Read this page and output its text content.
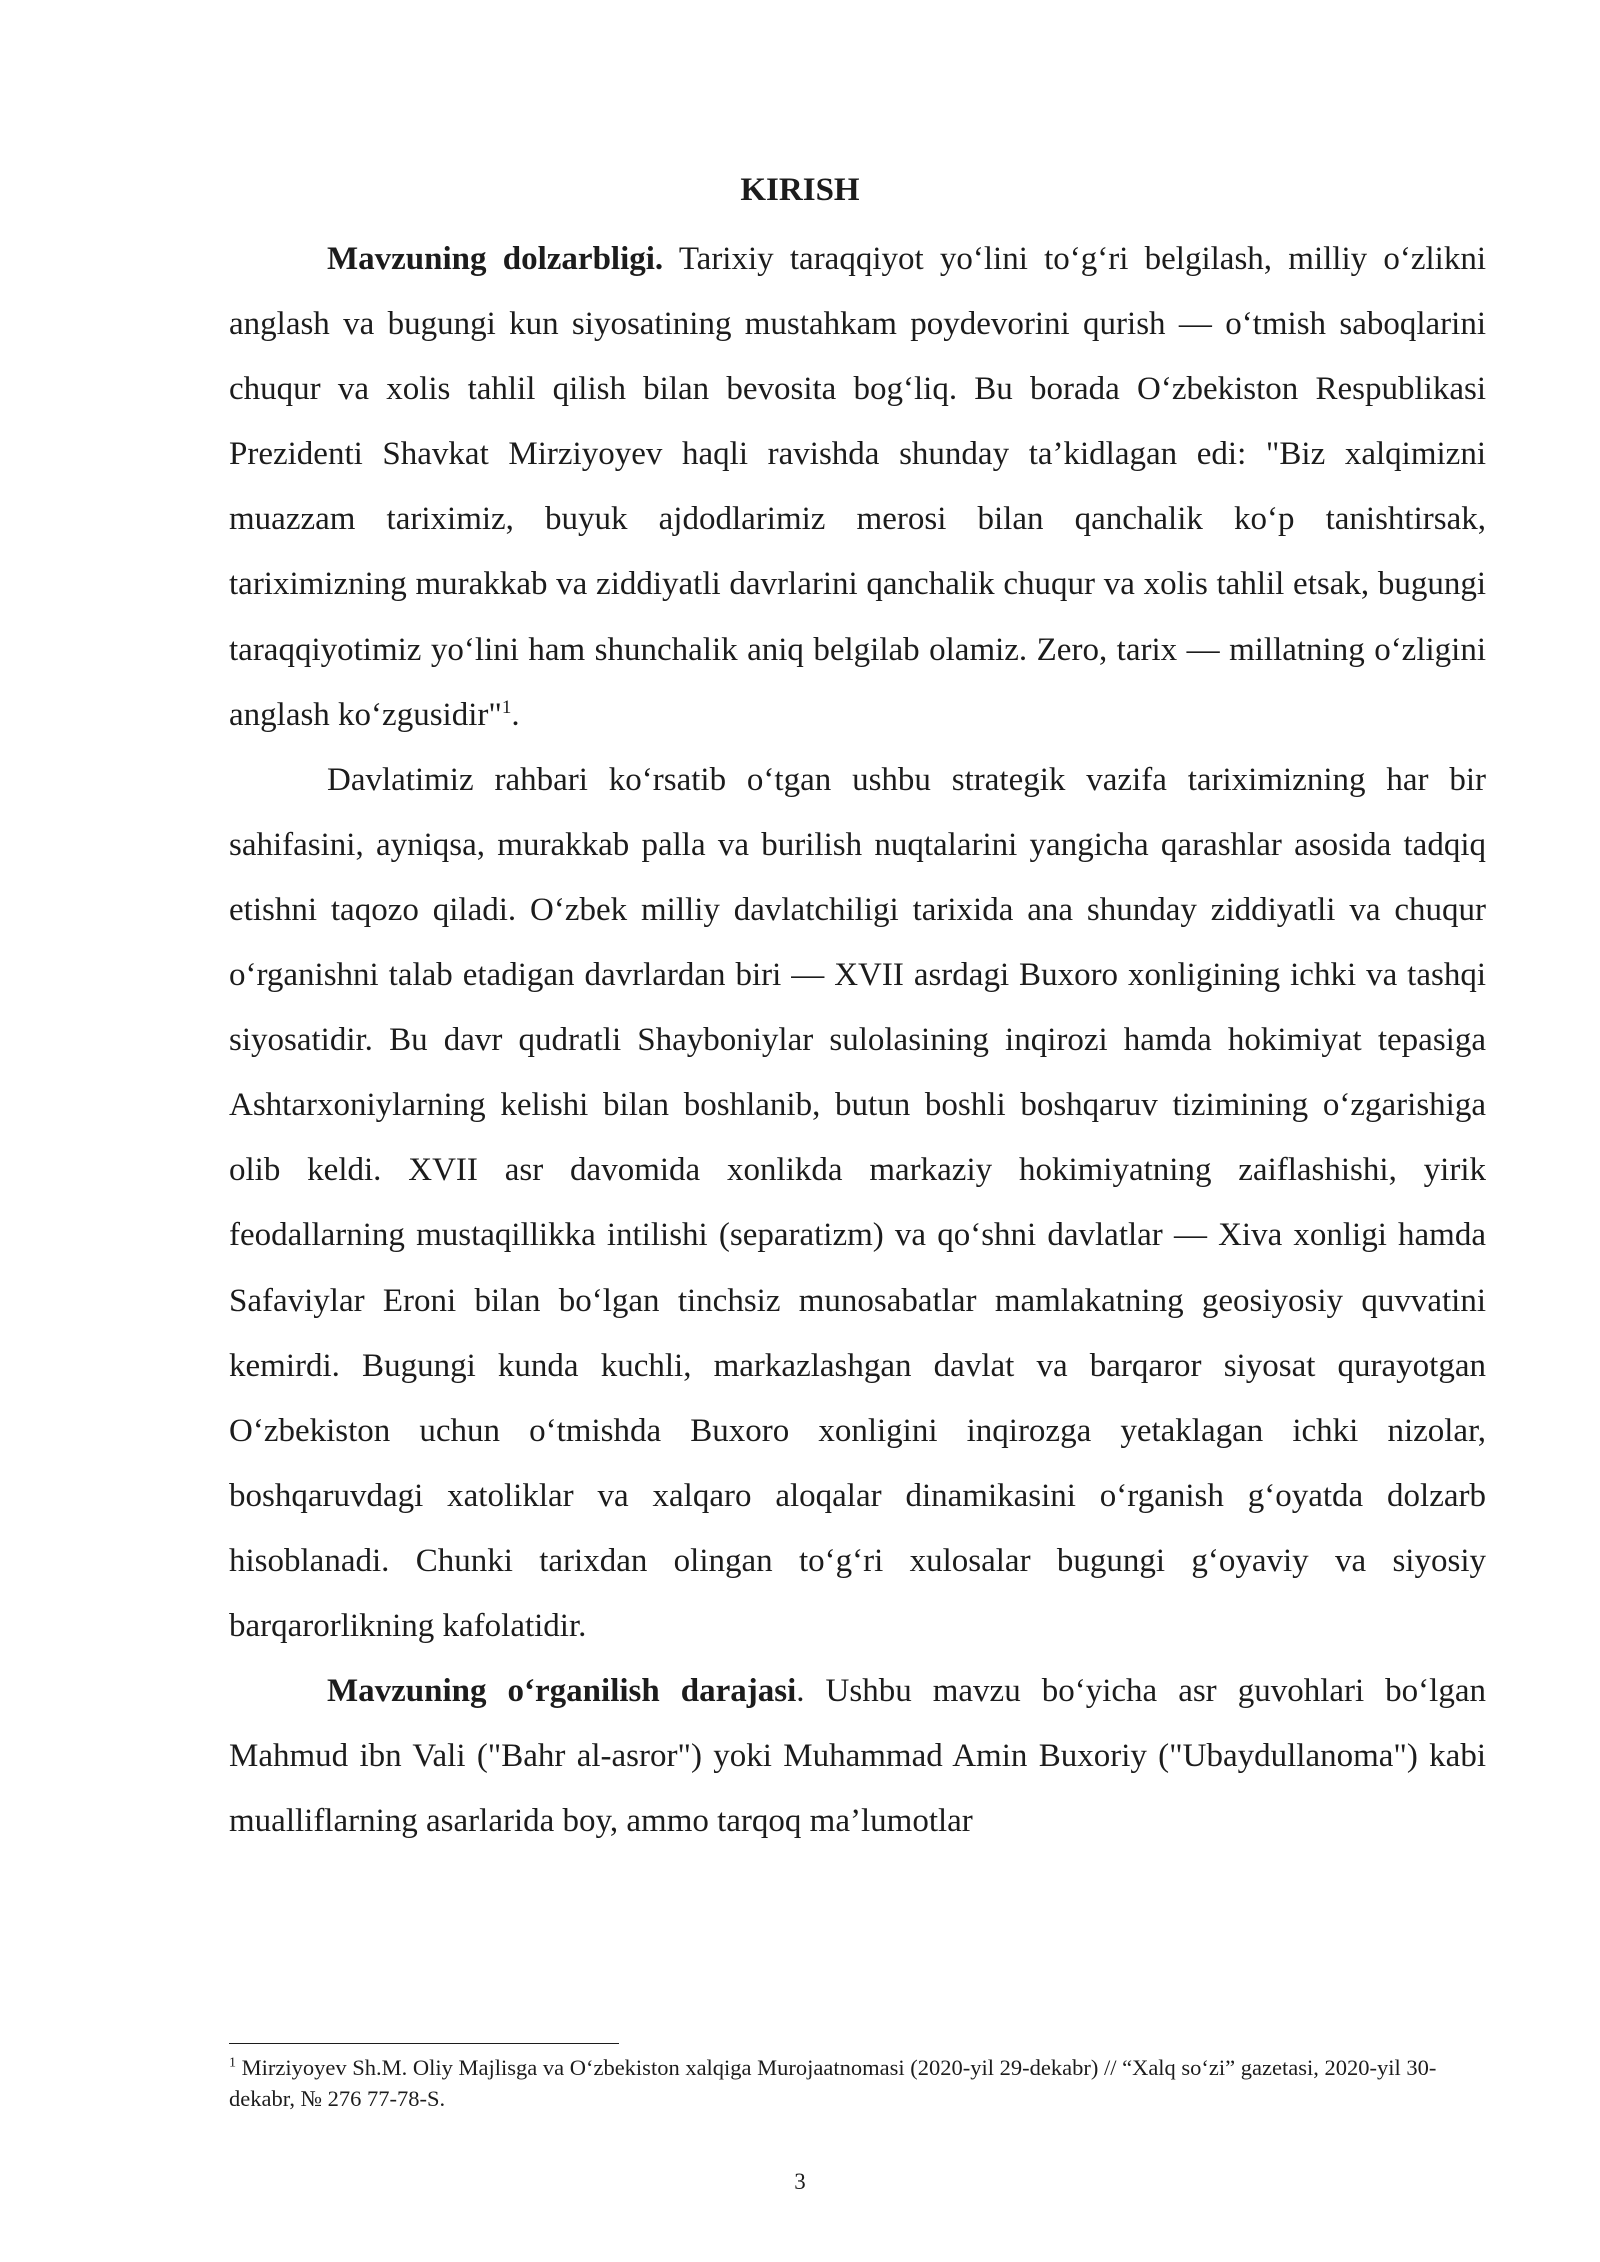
KIRISH

Mavzuning dolzarbligi. Tarixiy taraqqiyot yo‘lini to‘g‘ri belgilash, milliy o‘zlikni anglash va bugungi kun siyosatining mustahkam poydevorini qurish — o‘tmish saboqlarini chuqur va xolis tahlil qilish bilan bevosita bog‘liq. Bu borada O‘zbekiston Respublikasi Prezidenti Shavkat Mirziyoyev haqli ravishda shunday ta’kidlagan edi: "Biz xalqimizni muazzam tariximiz, buyuk ajdodlarimiz merosi bilan qanchalik ko‘p tanishtirsak, tariximizning murakkab va ziddiyatli davrlarini qanchalik chuqur va xolis tahlil etsak, bugungi taraqqiyotimiz yo‘lini ham shunchalik aniq belgilab olamiz. Zero, tarix — millatning o‘zligini anglash ko‘zgusidir"$^1$.

Davlatimiz rahbari ko‘rsatib o‘tgan ushbu strategik vazifa tariximizning har bir sahifasini, ayniqsa, murakkab palla va burilish nuqtalarini yangicha qarashlar asosida tadqiq etishni taqozo qiladi. O‘zbek milliy davlatchiligi tarixida ana shunday ziddiyatli va chuqur o‘rganishni talab etadigan davrlardan biri — XVII asrdagi Buxoro xonligining ichki va tashqi siyosatidir. Bu davr qudratli Shayboniylar sulolasining inqirozi hamda hokimiyat tepasiga Ashtarxoniylarning kelishi bilan boshlanib, butun boshli boshqaruv tizimining o‘zgarishiga olib keldi. XVII asr davomida xonlikda markaziy hokimiyatning zaiflashishi, yirik feodallarning mustaqillikka intilishi (separatizm) va qo‘shni davlatlar — Xiva xonligi hamda Safaviylar Eroni bilan bo‘lgan tinchsiz munosabatlar mamlakatning geosiyosiy quvvatini kemirdi. Bugungi kunda kuchli, markazlashgan davlat va barqaror siyosat qurayotgan O‘zbekiston uchun o‘tmishda Buxoro xonligini inqirozga yetaklagan ichki nizolar, boshqaruvdagi xatoliklar va xalqaro aloqalar dinamikasini o‘rganish g‘oyatda dolzarb hisoblanadi. Chunki tarixdan olingan to‘g‘ri xulosalar bugungi g‘oyaviy va siyosiy barqarorlikning kafolatidir.

Mavzuning o‘rganilish darajasi. Ushbu mavzu bo‘yicha asr guvohlari bo‘lgan Mahmud ibn Vali ("Bahr al-asror") yoki Muhammad Amin Buxoriy ("Ubaydullanoma") kabi mualliflarning asarlarida boy, ammo tarqoq ma’lumotlar

$^1$ Mirziyoyev Sh.M. Oliy Majlisga va O‘zbekiston xalqiga Murojaatnomasi (2020-yil 29-dekabr) // “Xalq so‘zi” gazetasi, 2020-yil 30-dekabr, № 276 77-78-S.

3
